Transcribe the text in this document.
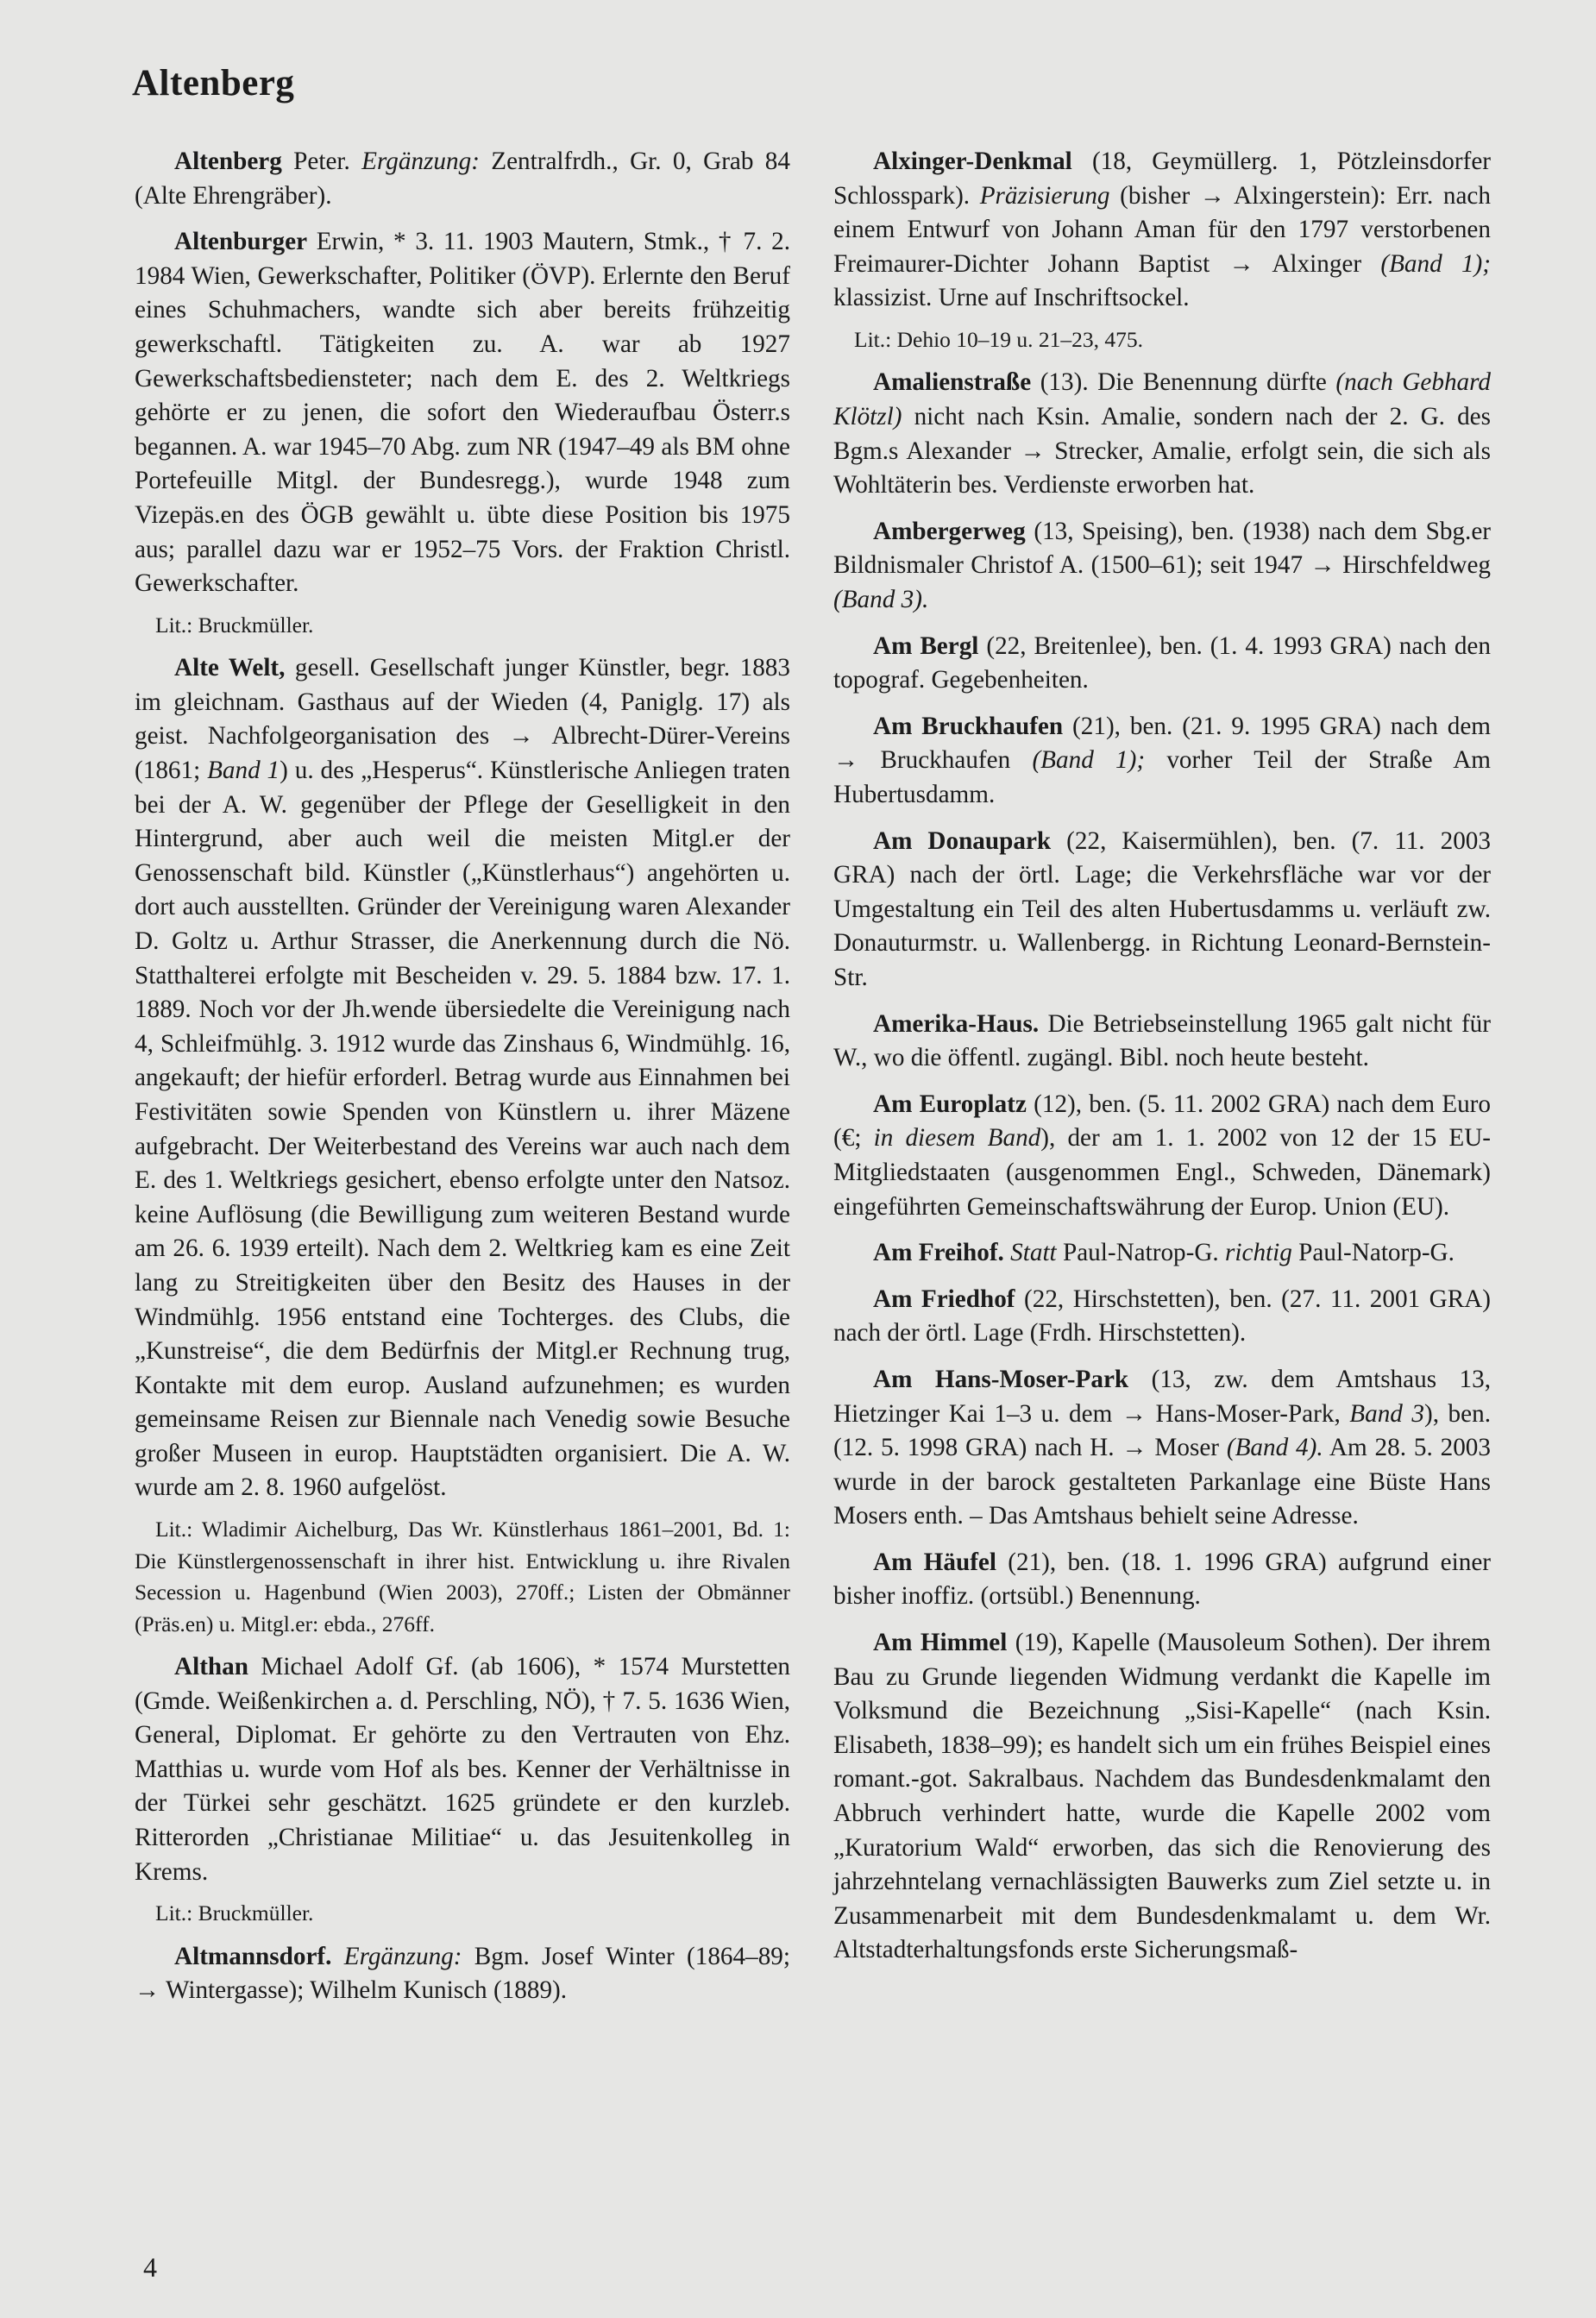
Altenberg

Altenberg Peter. Ergänzung: Zentralfrdh., Gr. 0, Grab 84 (Alte Ehrengräber).

Altenburger Erwin, * 3. 11. 1903 Mautern, Stmk., † 7. 2. 1984 Wien, Gewerkschafter, Politiker (ÖVP). Erlernte den Beruf eines Schuhmachers, wandte sich aber bereits frühzeitig gewerkschaftl. Tätigkeiten zu. A. war ab 1927 Gewerkschaftsbediensteter; nach dem E. des 2. Weltkriegs gehörte er zu jenen, die sofort den Wiederaufbau Österr.s begannen. A. war 1945–70 Abg. zum NR (1947–49 als BM ohne Portefeuille Mitgl. der Bundesregg.), wurde 1948 zum Vizepäs.en des ÖGB gewählt u. übte diese Position bis 1975 aus; parallel dazu war er 1952–75 Vors. der Fraktion Christl. Gewerkschafter.

Lit.: Bruckmüller.

Alte Welt, gesell. Gesellschaft junger Künstler, begr. 1883 im gleichnam. Gasthaus auf der Wieden (4, Paniglg. 17) als geist. Nachfolgeorganisation des → Albrecht-Dürer-Vereins (1861; Band 1) u. des „Hesperus“. Künstlerische Anliegen traten bei der A. W. gegenüber der Pflege der Geselligkeit in den Hintergrund, aber auch weil die meisten Mitgl.er der Genossenschaft bild. Künstler („Künstlerhaus“) angehörten u. dort auch ausstellten. Gründer der Vereinigung waren Alexander D. Goltz u. Arthur Strasser, die Anerkennung durch die Nö. Statthalterei erfolgte mit Bescheiden v. 29. 5. 1884 bzw. 17. 1. 1889. Noch vor der Jh.wende übersiedelte die Vereinigung nach 4, Schleifmühlg. 3. 1912 wurde das Zinshaus 6, Windmühlg. 16, angekauft; der hiefür erforderl. Betrag wurde aus Einnahmen bei Festivitäten sowie Spenden von Künstlern u. ihrer Mäzene aufgebracht. Der Weiterbestand des Vereins war auch nach dem E. des 1. Weltkriegs gesichert, ebenso erfolgte unter den Natsoz. keine Auflösung (die Bewilligung zum weiteren Bestand wurde am 26. 6. 1939 erteilt). Nach dem 2. Weltkrieg kam es eine Zeit lang zu Streitigkeiten über den Besitz des Hauses in der Windmühlg. 1956 entstand eine Tochterges. des Clubs, die „Kunstreise“, die dem Bedürfnis der Mitgl.er Rechnung trug, Kontakte mit dem europ. Ausland aufzunehmen; es wurden gemeinsame Reisen zur Biennale nach Venedig sowie Besuche großer Museen in europ. Hauptstädten organisiert. Die A. W. wurde am 2. 8. 1960 aufgelöst.

Lit.: Wladimir Aichelburg, Das Wr. Künstlerhaus 1861–2001, Bd. 1: Die Künstlergenossenschaft in ihrer hist. Entwicklung u. ihre Rivalen Secession u. Hagenbund (Wien 2003), 270ff.; Listen der Obmänner (Präs.en) u. Mitgl.er: ebda., 276ff.

Althan Michael Adolf Gf. (ab 1606), * 1574 Murstetten (Gmde. Weißenkirchen a. d. Perschling, NÖ), † 7. 5. 1636 Wien, General, Diplomat. Er gehörte zu den Vertrauten von Ehz. Matthias u. wurde vom Hof als bes. Kenner der Verhältnisse in der Türkei sehr geschätzt. 1625 gründete er den kurzleb. Ritterorden „Christianae Militiae“ u. das Jesuitenkolleg in Krems.

Lit.: Bruckmüller.

Altmannsdorf. Ergänzung: Bgm. Josef Winter (1864–89; → Wintergasse); Wilhelm Kunisch (1889).

Alxinger-Denkmal (18, Geymüllerg. 1, Pötzleinsdorfer Schlosspark). Präzisierung (bisher → Alxingerstein): Err. nach einem Entwurf von Johann Aman für den 1797 verstorbenen Freimaurer-Dichter Johann Baptist → Alxinger (Band 1); klassizist. Urne auf Inschriftsockel.

Lit.: Dehio 10–19 u. 21–23, 475.

Amalienstraße (13). Die Benennung dürfte (nach Gebhard Klötzl) nicht nach Ksin. Amalie, sondern nach der 2. G. des Bgm.s Alexander → Strecker, Amalie, erfolgt sein, die sich als Wohltäterin bes. Verdienste erworben hat.

Ambergerweg (13, Speising), ben. (1938) nach dem Sbg.er Bildnismaler Christof A. (1500–61); seit 1947 → Hirschfeldweg (Band 3).

Am Bergl (22, Breitenlee), ben. (1. 4. 1993 GRA) nach den topograf. Gegebenheiten.

Am Bruckhaufen (21), ben. (21. 9. 1995 GRA) nach dem → Bruckhaufen (Band 1); vorher Teil der Straße Am Hubertusdamm.

Am Donaupark (22, Kaisermühlen), ben. (7. 11. 2003 GRA) nach der örtl. Lage; die Verkehrsfläche war vor der Umgestaltung ein Teil des alten Hubertusdamms u. verläuft zw. Donauturmstr. u. Wallenbergg. in Richtung Leonard-Bernstein-Str.

Amerika-Haus. Die Betriebseinstellung 1965 galt nicht für W., wo die öffentl. zugängl. Bibl. noch heute besteht.

Am Europlatz (12), ben. (5. 11. 2002 GRA) nach dem Euro (€; in diesem Band), der am 1. 1. 2002 von 12 der 15 EU-Mitgliedstaaten (ausgenommen Engl., Schweden, Dänemark) eingeführten Gemeinschaftswährung der Europ. Union (EU).

Am Freihof. Statt Paul-Natrop-G. richtig Paul-Natorp-G.

Am Friedhof (22, Hirschstetten), ben. (27. 11. 2001 GRA) nach der örtl. Lage (Frdh. Hirschstetten).

Am Hans-Moser-Park (13, zw. dem Amtshaus 13, Hietzinger Kai 1–3 u. dem → Hans-Moser-Park, Band 3), ben. (12. 5. 1998 GRA) nach H. → Moser (Band 4). Am 28. 5. 2003 wurde in der barock gestalteten Parkanlage eine Büste Hans Mosers enth. – Das Amtshaus behielt seine Adresse.

Am Häufel (21), ben. (18. 1. 1996 GRA) aufgrund einer bisher inoffiz. (ortsübl.) Benennung.

Am Himmel (19), Kapelle (Mausoleum Sothen). Der ihrem Bau zu Grunde liegenden Widmung verdankt die Kapelle im Volksmund die Bezeichnung „Sisi-Kapelle“ (nach Ksin. Elisabeth, 1838–99); es handelt sich um ein frühes Beispiel eines romant.-got. Sakralbaus. Nachdem das Bundesdenkmalamt den Abbruch verhindert hatte, wurde die Kapelle 2002 vom „Kuratorium Wald“ erworben, das sich die Renovierung des jahrzehntelang vernachlässigten Bauwerks zum Ziel setzte u. in Zusammenarbeit mit dem Bundesdenkmalamt u. dem Wr. Altstadterhaltungsfonds erste Sicherungsmaß-

4
